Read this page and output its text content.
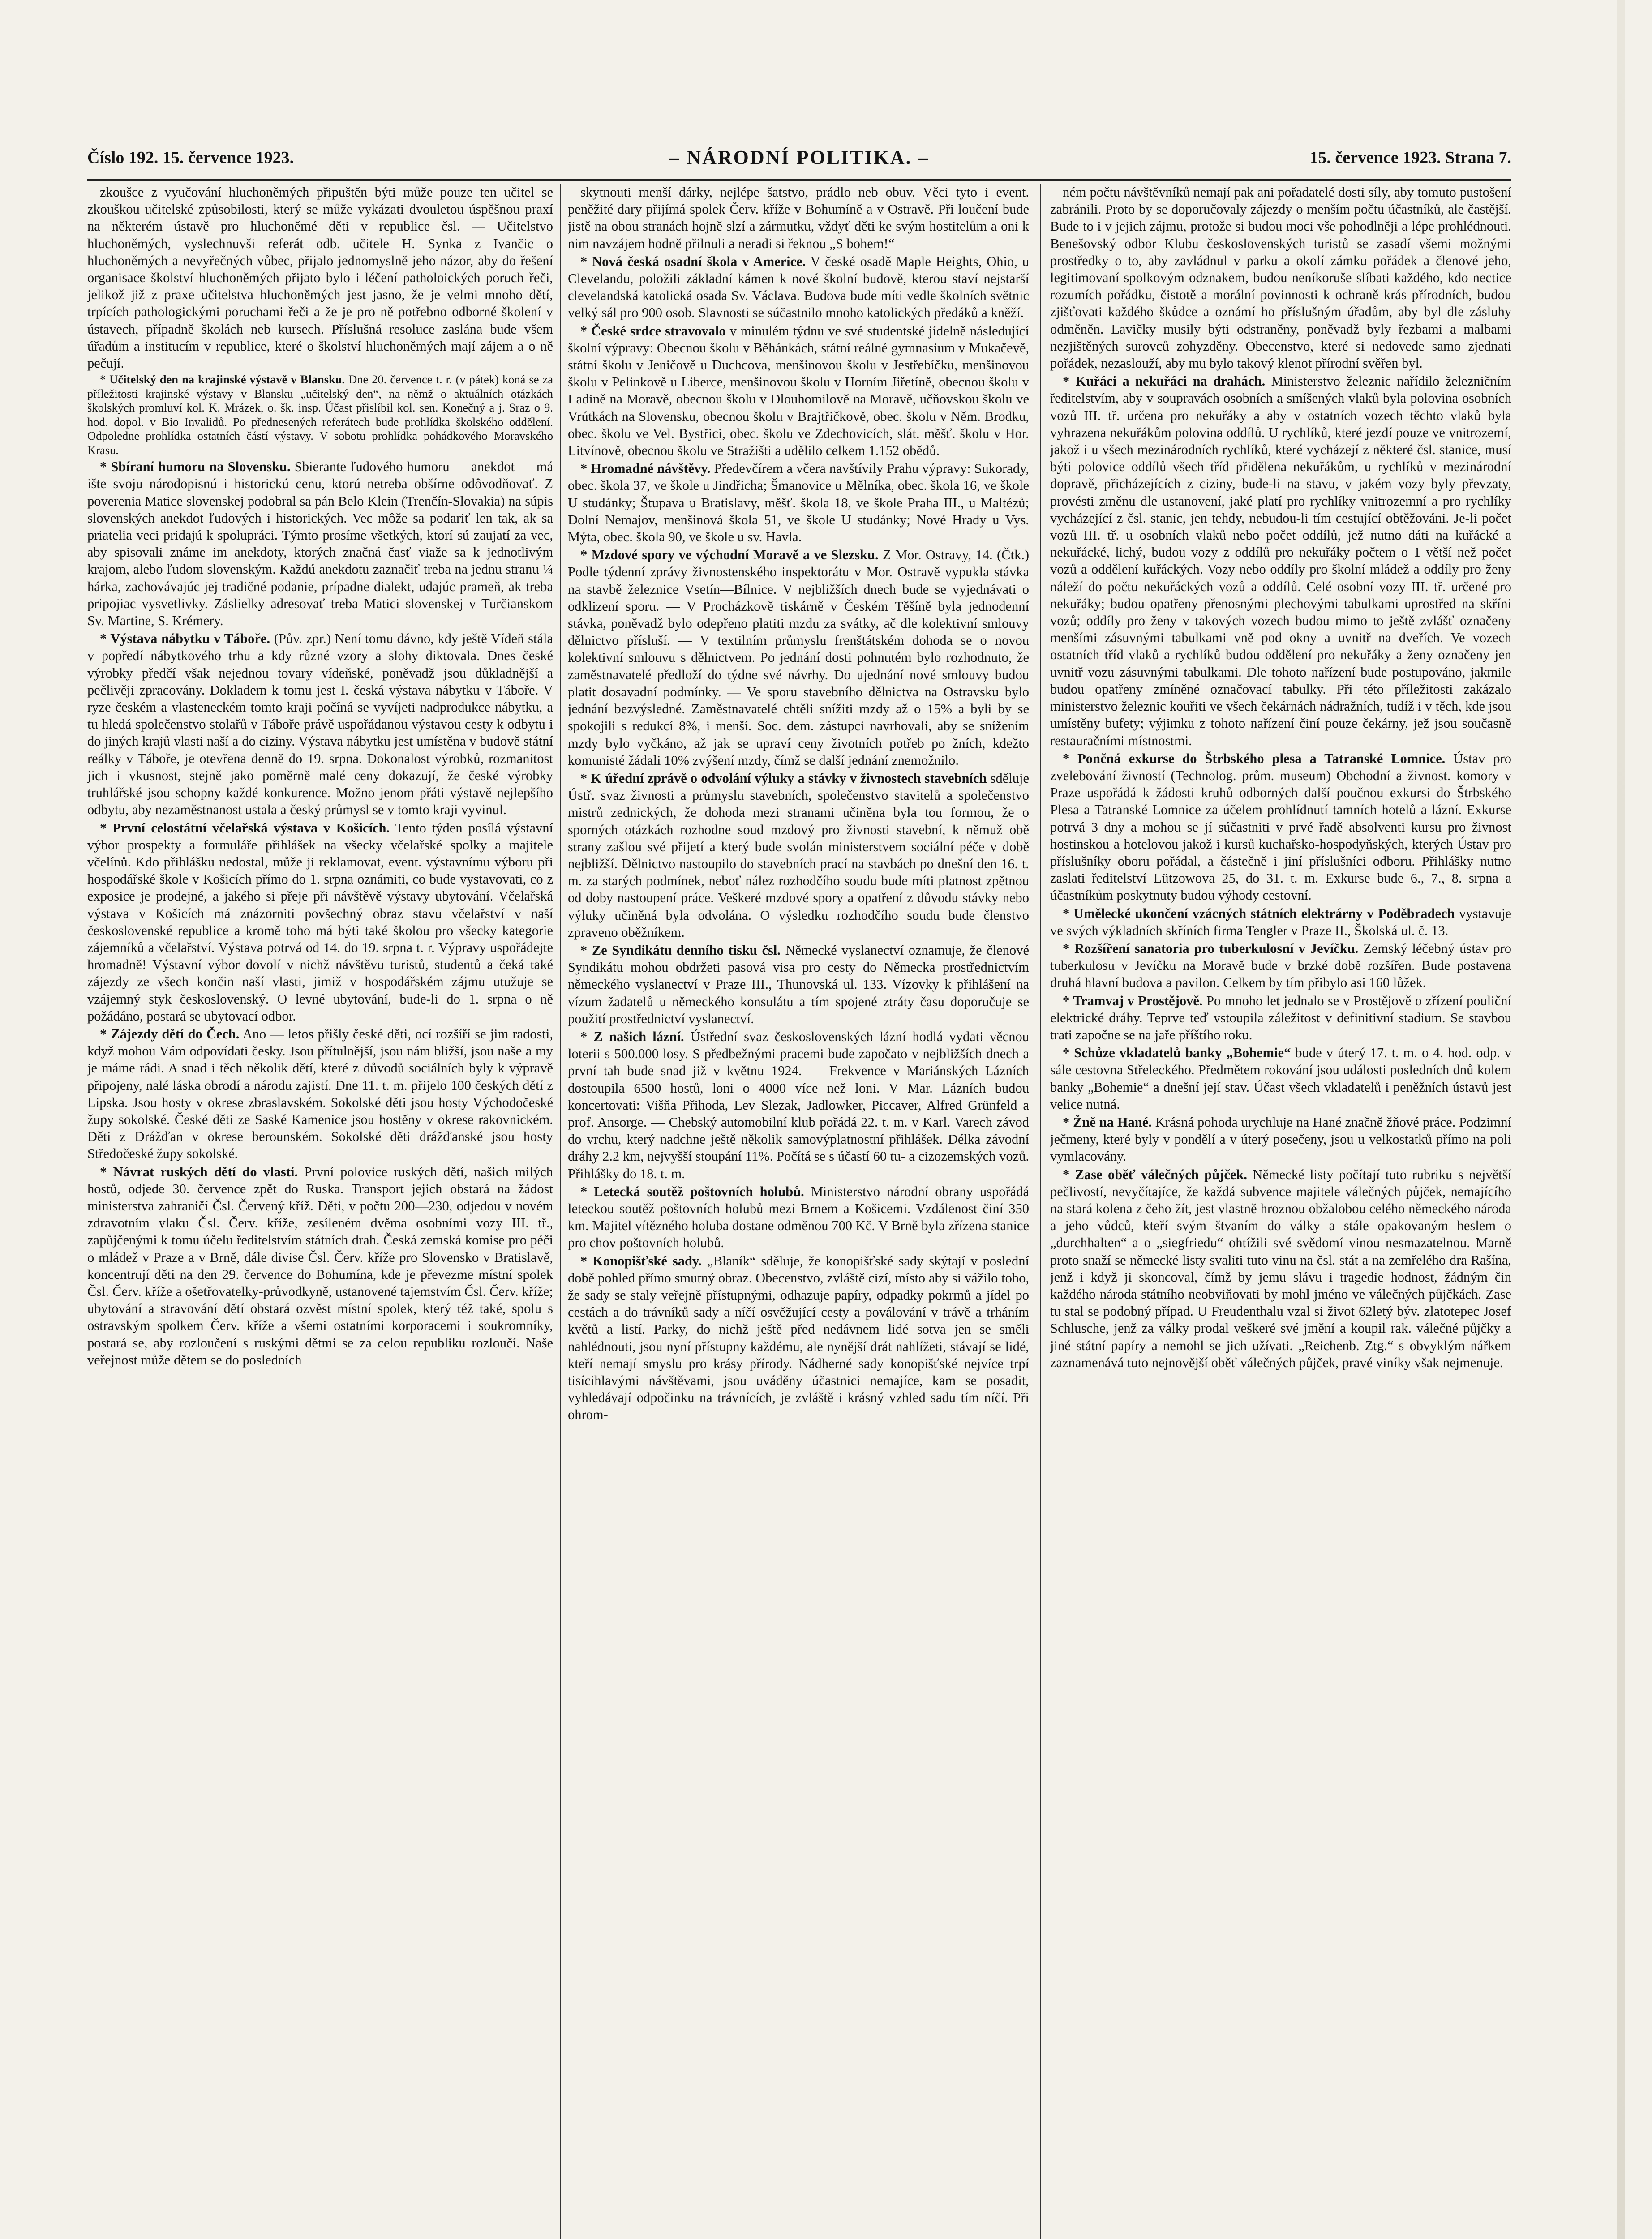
Číslo 192. 15. července 1923.	– NÁRODNÍ POLITIKA. –	15. července 1923. Strana 7.

zkoušce z vyučování hluchoněmých připuštěn býti může pouze ten učitel se zkouškou učitelské způsobilosti, který se může vykázati dvouletou úspěšnou praxí na některém ústavě pro hluchoněmé děti v republice čsl. — Učitelstvo hluchoněmých, vyslechnuvši referát odb. učitele H. Synka z Ivančic o hluchoněmých a nevyřečných vůbec, přijalo jednomyslně jeho názor, aby do řešení organisace školství hluchoněmých přijato bylo i léčení patholoických poruch řeči, jelikož již z praxe učitelstva hluchoněmých jest jasno, že je velmi mnoho dětí, trpících pathologickými poruchami řeči a že je pro ně potřebno odborné školení v ústavech, případně školách neb kursech. Příslušná resoluce zaslána bude všem úřadům a institucím v republice, které o školství hluchoněmých mají zájem a o ně pečují.

* Učitelský den na krajinské výstavě v Blansku. Dne 20. července t. r. (v pátek) koná se za příležitosti krajinské výstavy v Blansku „učitelský den“, na němž o aktuálních otázkách školských promluví kol. K. Mrázek, o. šk. insp. Účast přislíbil kol. sen. Konečný a j. Sraz o 9. hod. dopol. v Bio Invalidů. Po přednesených referátech bude prohlídka školského oddělení. Odpoledne prohlídka ostatních částí výstavy. V sobotu prohlídka pohádkového Moravského Krasu.

* Sbíraní humoru na Slovensku. Sbierante ľudového humoru — anekdot — má ište svoju národopisnú i historickú cenu, ktorú netreba obšírne odôvodňovať. Z poverenia Matice slovenskej podobral sa pán Belo Klein (Trenčín-Slovakia) na súpis slovenských anekdot ľudových i historických. Vec môže sa podariť len tak, ak sa priatelia veci pridajú k spolupráci. Týmto prosíme všetkých, ktorí sú zaujatí za vec, aby spisovali známe im anekdoty, ktorých značná časť viaže sa k jednotlivým krajom, alebo ľudom slovenským. Každú anekdotu zaznačiť treba na jednu stranu ¼ hárka, zachovávajúc jej tradičné podanie, prípadne dialekt, udajúc prameň, ak treba pripojiac vysvetlivky. Záslielky adresovať treba Matici slovenskej v Turčianskom Sv. Martine, S. Krémery.

* Výstava nábytku v Táboře. (Pův. zpr.) Není tomu dávno, kdy ještě Vídeň stála v popředí nábytkového trhu a kdy různé vzory a slohy diktovala. Dnes české výrobky předčí však nejednou tovary vídeňské, poněvadž jsou důkladnější a pečlivěji zpracovány. Dokladem k tomu jest I. česká výstava nábytku v Táboře. V ryze českém a vlasteneckém tomto kraji počíná se vyvíjeti nadprodukce nábytku, a tu hledá společenstvo stolařů v Táboře právě uspořádanou výstavou cesty k odbytu i do jiných krajů vlasti naší a do ciziny. Výstava nábytku jest umístěna v budově státní reálky v Táboře, je otevřena denně do 19. srpna. Dokonalost výrobků, rozmanitost jich i vkusnost, stejně jako poměrně malé ceny dokazují, že české výrobky truhlářské jsou schopny každé konkurence. Možno jenom přáti výstavě nejlepšího odbytu, aby nezaměstnanost ustala a český průmysl se v tomto kraji vyvinul.

* První celostátní včelařská výstava v Košicích. Tento týden posílá výstavní výbor prospekty a formuláře přihlášek na všecky včelařské spolky a majitele včelínů. Kdo přihlášku nedostal, může ji reklamovat, event. výstavnímu výboru při hospodářské škole v Košicích přímo do 1. srpna oznámiti, co bude vystavovati, co z exposice je prodejné, a jakého si přeje při návštěvě výstavy ubytování. Včelařská výstava v Košicích má znázorniti povšechný obraz stavu včelařství v naší československé republice a kromě toho má býti také školou pro všecky kategorie zájemníků a včelařství. Výstava potrvá od 14. do 19. srpna t. r. Výpravy uspořádejte hromadně! Výstavní výbor dovolí v nichž návštěvu turistů, studentů a čeká také zájezdy ze všech končin naší vlasti, jimiž v hospodářském zájmu utužuje se vzájemný styk československý. O levné ubytování, bude-li do 1. srpna o ně požádáno, postará se ubytovací odbor.

* Zájezdy dětí do Čech. Ano — letos přišly české děti, ocí rozšíří se jim radosti, když mohou Vám odpovídati česky. Jsou přítulnější, jsou nám bližší, jsou naše a my je máme rádi. A snad i těch několik dětí, které z důvodů sociálních byly k výpravě připojeny, nalé láska obrodí a národu zajistí. Dne 11. t. m. přijelo 100 českých dětí z Lipska. Jsou hosty v okrese zbraslavském. Sokolské děti jsou hosty Východočeské župy sokolské. České děti ze Saské Kamenice jsou hostěny v okrese rakovnickém. Děti z Drážďan v okrese berounském. Sokolské děti drážďanské jsou hosty Středočeské župy sokolské.

* Návrat ruských dětí do vlasti. První polovice ruských dětí, našich milých hostů, odjede 30. července zpět do Ruska. Transport jejich obstará na žádost ministerstva zahraničí Čsl. Červený kříž. Děti, v počtu 200—230, odjedou v novém zdravotním vlaku Čsl. Červ. kříže, zesíleném dvěma osobními vozy III. tř., zapůjčenými k tomu účelu ředitelstvím státních drah. Česká zemská komise pro péči o mládež v Praze a v Brně, dále divise Čsl. Červ. kříže pro Slovensko v Bratislavě, koncentrují děti na den 29. července do Bohumína, kde je převezme místní spolek Čsl. Červ. kříže a ošetřovatelky-průvodkyně, ustanovené tajemstvím Čsl. Červ. kříže; ubytování a stravování dětí obstará ozvěst místní spolek, který též také, spolu s ostravským spolkem Červ. kříže a všemi ostatními korporacemi i soukromníky, postará se, aby rozloučení s ruskými dětmi se za celou republiku rozloučí. Naše veřejnost může dětem se do posledních

skytnouti menší dárky, nejlépe šatstvo, prádlo neb obuv. Věci tyto i event. peněžité dary přijímá spolek Červ. kříže v Bohumíně a v Ostravě. Při loučení bude jistě na obou stranách hojně slzí a zármutku, vždyť děti ke svým hostitelům a oni k nim navzájem hodně přilnuli a neradi si řeknou „S bohem!“

* Nová česká osadní škola v Americe. V české osadě Maple Heights, Ohio, u Clevelandu, položili základní kámen k nové školní budově, kterou staví nejstarší clevelandská katolická osada Sv. Václava. Budova bude míti vedle školních světnic velký sál pro 900 osob. Slavnosti se súčastnilo mnoho katolických předáků a kněží.

* České srdce stravovalo v minulém týdnu ve své studentské jídelně následující školní výpravy: Obecnou školu v Běhánkách, státní reálné gymnasium v Mukačevě, státní školu v Jeničově u Duchcova, menšinovou školu v Jestřebíčku, menšinovou školu v Pelinkově u Liberce, menšinovou školu v Horním Jiřetíně, obecnou školu v Ladině na Moravě, obecnou školu v Dlouhomilově na Moravě, učňovskou školu ve Vrútkách na Slovensku, obecnou školu v Brajtřičkově, obec. školu v Něm. Brodku, obec. školu ve Vel. Bystřici, obec. školu ve Zdechovicích, slát. měšť. školu v Hor. Litvínově, obecnou školu ve Stražišti a udělilo celkem 1.152 obědů.

* Hromadné návštěvy. Předevčírem a včera navštívily Prahu výpravy: Sukorady, obec. škola 37, ve škole u Jindřicha; Šmanovice u Mělníka, obec. škola 16, ve škole U studánky; Štupava u Bratislavy, měšť. škola 18, ve škole Praha III., u Maltézů; Dolní Nemajov, menšinová škola 51, ve škole U studánky; Nové Hrady u Vys. Mýta, obec. škola 90, ve škole u sv. Havla.

* Mzdové spory ve východní Moravě a ve Slezsku. Z Mor. Ostravy, 14. (Čtk.) Podle týdenní zprávy živnostenského inspektorátu v Mor. Ostravě vypukla stávka na stavbě železnice Vsetín—Bílnice. V nejbližších dnech bude se vyjednávati o odklizení sporu. — V Procházkově tiskárně v Českém Těšíně byla jednodenní stávka, poněvadž bylo odepřeno platiti mzdu za svátky, ač dle kolektivní smlouvy dělnictvo přísluší. — V textilním průmyslu frenštátském dohoda se o novou kolektivní smlouvu s dělnictvem. Po jednání dosti pohnutém bylo rozhodnuto, že zaměstnavatelé předloží do týdne své návrhy. Do ujednání nové smlouvy budou platit dosavadní podmínky. — Ve sporu stavebního dělnictva na Ostravsku bylo jednání bezvýsledné. Zaměstnavatelé chtěli snížiti mzdy až o 15% a byli by se spokojili s redukcí 8%, i menší. Soc. dem. zástupci navrhovali, aby se snížením mzdy bylo vyčkáno, až jak se upraví ceny životních potřeb po žních, kdežto komunisté žádali 10% zvýšení mzdy, čímž se další jednání znemožnilo.

* K úřední zprávě o odvolání výluky a stávky v živnostech stavebních sděluje Ústř. svaz živnosti a průmyslu stavebních, společenstvo stavitelů a společenstvo mistrů zednických, že dohoda mezi stranami učiněna byla tou formou, že o sporných otázkách rozhodne soud mzdový pro živnosti stavební, k němuž obě strany zašlou své přijetí a který bude svolán ministerstvem sociální péče v době nejbližší. Dělnictvo nastoupilo do stavebních prací na stavbách po dnešní den 16. t. m. za starých podmínek, neboť nález rozhodčího soudu bude míti platnost zpětnou od doby nastoupení práce. Veškeré mzdové spory a opatření z důvodu stávky nebo výluky učiněná byla odvolána. O výsledku rozhodčího soudu bude členstvo zpraveno oběžníkem.

* Ze Syndikátu denního tisku čsl. Německé vyslanectví oznamuje, že členové Syndikátu mohou obdržeti pasová visa pro cesty do Německa prostřednictvím německého vyslanectví v Praze III., Thunovská ul. 133. Vízovky k přihlášení na vízum žadatelů u německého konsulátu a tím spojené ztráty času doporučuje se použití prostřednictví vyslanectví.

* Z našich lázní. Ústřední svaz československých lázní hodlá vydati věcnou loterii s 500.000 losy. S předbežnými pracemi bude započato v nejbližších dnech a první tah bude snad již v květnu 1924. — Frekvence v Mariánských Lázních dostoupila 6500 hostů, loni o 4000 více než loni. V Mar. Lázních budou koncertovati: Višňa Přihoda, Lev Slezak, Jadlowker, Piccaver, Alfred Grünfeld a prof. Ansorge. — Chebský automobilní klub pořádá 22. t. m. v Karl. Varech závod do vrchu, který nadchne ještě několik samovýplatnostní přihlášek. Délka závodní dráhy 2.2 km, nejvyšší stoupání 11%. Počítá se s účastí 60 tu- a cizozemských vozů. Přihlášky do 18. t. m.

* Letecká soutěž poštovních holubů. Ministerstvo národní obrany uspořádá leteckou soutěž poštovních holubů mezi Brnem a Košicemi. Vzdálenost činí 350 km. Majitel vítězného holuba dostane odměnou 700 Kč. V Brně byla zřízena stanice pro chov poštovních holubů.

* Konopišťské sady. „Blaník“ sděluje, že konopišťské sady skýtají v poslední době pohled přímo smutný obraz. Obecenstvo, zvláště cizí, místo aby si vážilo toho, že sady se staly veřejně přístupnými, odhazuje papíry, odpadky pokrmů a jídel po cestách a do trávníků sady a níčí osvěžující cesty a poválování v trávě a trháním květů a listí. Parky, do nichž ještě před nedávnem lidé sotva jen se směli nahlédnouti, jsou nyní přístupny každému, ale nynější drát nahlížeti, stávají se lidé, kteří nemají smyslu pro krásy přírody. Nádherné sady konopišťské nejvíce trpí tisícihlavými návštěvami, jsou uváděny účastnici nemajíce, kam se posadit, vyhledávají odpočinku na trávnících, je zvláště i krásný vzhled sadu tím níčí. Při ohrom-

ném počtu návštěvníků nemají pak ani pořadatelé dosti síly, aby tomuto pustošení zabránili. Proto by se doporučovaly zájezdy o menším počtu účastníků, ale častější. Bude to i v jejich zájmu, protože si budou moci vše pohodlněji a lépe prohlédnouti. Benešovský odbor Klubu československých turistů se zasadí všemi možnými prostředky o to, aby zavládnul v parku a okolí zámku pořádek a členové jeho, legitimovaní spolkovým odznakem, budou neníkoruše slíbati každého, kdo nectice rozumích pořádku, čistotě a morální povinnosti k ochraně krás přírodních, budou zjišťovati každého škůdce a oznámí ho příslušným úřadům, aby byl dle zásluhy odměněn. Lavičky musily býti odstraněny, poněvadž byly řezbami a malbami nezjištěných surovců zohyzděny. Obecenstvo, které si nedovede samo zjednati pořádek, nezaslouží, aby mu bylo takový klenot přírodní svěřen byl.

* Kuřáci a nekuřáci na drahách. Ministerstvo železnic nařídilo železničním ředitelstvím, aby v soupravách osobních a smíšených vlaků byla polovina osobních vozů III. tř. určena pro nekuřáky a aby v ostatních vozech těchto vlaků byla vyhrazena nekuřákům polovina oddílů. U rychlíků, které jezdí pouze ve vnitrozemí, jakož i u všech mezinárodních rychlíků, které vycházejí z některé čsl. stanice, musí býti polovice oddílů všech tříd přidělena nekuřákům, u rychlíků v mezinárodní dopravě, přicházejících z ciziny, bude-li na stavu, v jakém vozy byly převzaty, provésti změnu dle ustanovení, jaké platí pro rychlíky vnitrozemní a pro rychlíky vycházející z čsl. stanic, jen tehdy, nebudou-li tím cestující obtěžováni. Je-li počet vozů III. tř. u osobních vlaků nebo počet oddílů, jež nutno dáti na kuřácké a nekuřácké, lichý, budou vozy z oddílů pro nekuřáky počtem o 1 větší než počet vozů a oddělení kuřáckých. Vozy nebo oddíly pro školní mládež a oddíly pro ženy náleží do počtu nekuřáckých vozů a oddílů. Celé osobní vozy III. tř. určené pro nekuřáky; budou opatřeny přenosnými plechovými tabulkami uprostřed na skříni vozů; oddíly pro ženy v takových vozech budou mimo to ještě zvlášť označeny menšími zásuvnými tabulkami vně pod okny a uvnitř na dveřích. Ve vozech ostatních tříd vlaků a rychlíků budou oddělení pro nekuřáky a ženy označeny jen uvnitř vozu zásuvnými tabulkami. Dle tohoto nařízení bude postupováno, jakmile budou opatřeny zmíněné označovací tabulky. Při této příležitosti zakázalo ministerstvo železnic kouřiti ve všech čekárnách nádražních, tudíž i v těch, kde jsou umístěny bufety; výjimku z tohoto nařízení činí pouze čekárny, jež jsou současně restauračními místnostmi.

* Pončná exkurse do Štrbského plesa a Tatranské Lomnice. Ústav pro zvelebování živností (Technolog. prům. museum) Obchodní a živnost. komory v Praze uspořádá k žádosti kruhů odborných další poučnou exkursi do Štrbského Plesa a Tatranské Lomnice za účelem prohlídnutí tamních hotelů a lázní. Exkurse potrvá 3 dny a mohou se jí súčastniti v prvé řadě absolventi kursu pro živnost hostinskou a hotelovou jakož i kursů kuchařsko-hospodyňských, kterých Ústav pro příslušníky oboru pořádal, a částečně i jiní příslušníci odboru. Přihlášky nutno zaslati ředitelství Lützowova 25, do 31. t. m. Exkurse bude 6., 7., 8. srpna a účastníkům poskytnuty budou výhody cestovní.

* Umělecké ukončení vzácných státních elektrárny v Poděbradech vystavuje ve svých výkladních skříních firma Tengler v Praze II., Školská ul. č. 13.

* Rozšíření sanatoria pro tuberkulosní v Jevíčku. Zemský léčebný ústav pro tuberkulosu v Jevíčku na Moravě bude v brzké době rozšířen. Bude postavena druhá hlavní budova a pavilon. Celkem by tím přibylo asi 160 lůžek.

* Tramvaj v Prostějově. Po mnoho let jednalo se v Prostějově o zřízení pouliční elektrické dráhy. Teprve teď vstoupila záležitost v definitivní stadium. Se stavbou trati započne se na jaře příštího roku.

* Schůze vkladatelů banky „Bohemie“ bude v úterý 17. t. m. o 4. hod. odp. v sále cestovna Střeleckého. Předmětem rokování jsou události posledních dnů kolem banky „Bohemie“ a dnešní její stav. Účast všech vkladatelů i peněžních ústavů jest velice nutná.

* Žně na Hané. Krásná pohoda urychluje na Hané značně žňové práce. Podzimní ječmeny, které byly v pondělí a v úterý posečeny, jsou u velkostatků přímo na poli vymlacovány.

* Zase oběť válečných půjček. Německé listy počítají tuto rubriku s největší pečlivostí, nevyčítajíce, že každá subvence majitele válečných půjček, nemajícího na stará kolena z čeho žít, jest vlastně hroznou obžalobou celého německého národa a jeho vůdců, kteří svým štvaním do války a stále opakovaným heslem o „durchhalten“ a o „siegfriedu“ ohtížili své svědomí vinou nesmazatelnou. Marně proto snaží se německé listy svaliti tuto vinu na čsl. stát a na zemřelého dra Rašína, jenž i když ji skoncoval, čímž by jemu slávu i tragedie hodnost, žádným čin každého národa státního neobviňovati by mohl jméno ve válečných půjčkách. Zase tu stal se podobný případ. U Freudenthalu vzal si život 62letý býv. zlatotepec Josef Schlusche, jenž za války prodal veškeré své jmění a koupil rak. válečné půjčky a jiné státní papíry a nemohl se jich užívati. „Reichenb. Ztg.“ s obvyklým nářkem zaznamenává tuto nejnovější oběť válečných půjček, pravé viníky však nejmenuje.
